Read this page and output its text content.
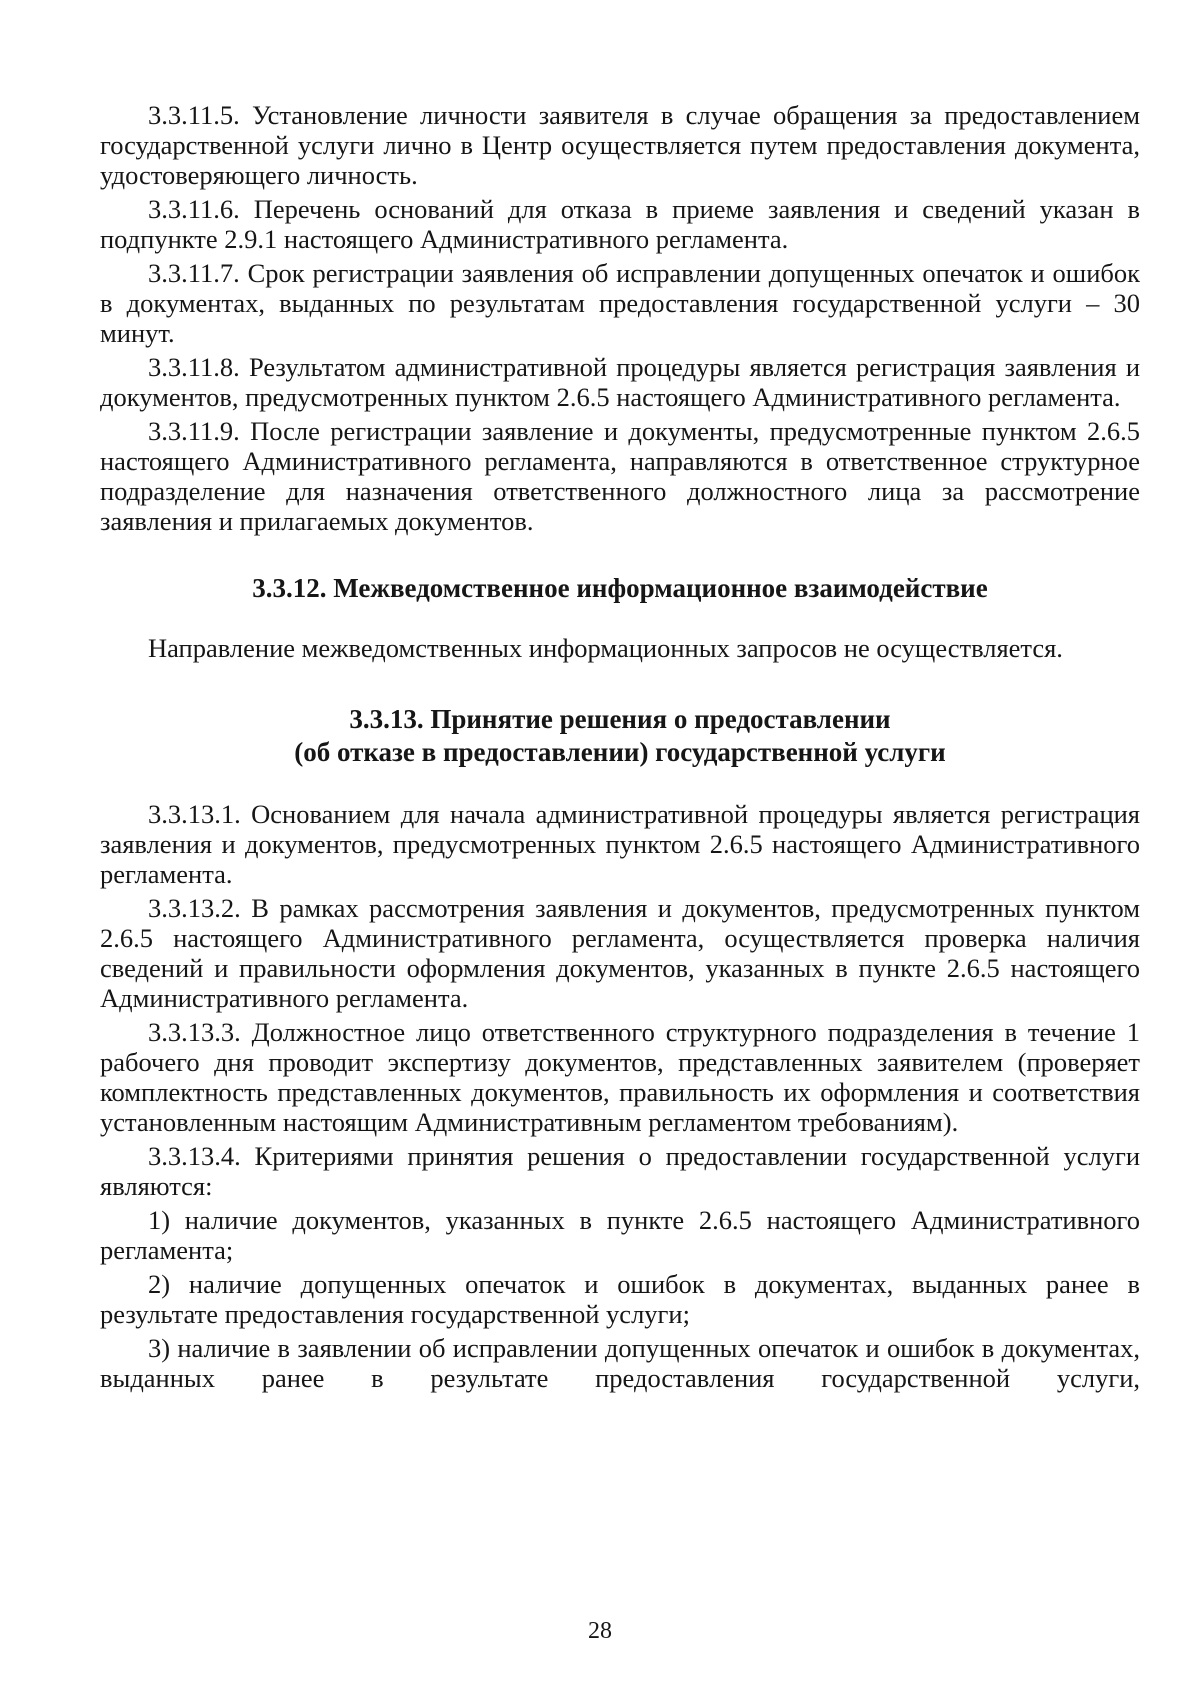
3.3.11.5. Установление личности заявителя в случае обращения за предоставлением государственной услуги лично в Центр осуществляется путем предоставления документа, удостоверяющего личность.

3.3.11.6. Перечень оснований для отказа в приеме заявления и сведений указан в подпункте 2.9.1 настоящего Административного регламента.

3.3.11.7. Срок регистрации заявления об исправлении допущенных опечаток и ошибок в документах, выданных по результатам предоставления государственной услуги – 30 минут.

3.3.11.8. Результатом административной процедуры является регистрация заявления и документов, предусмотренных пунктом 2.6.5 настоящего Административного регламента.

3.3.11.9. После регистрации заявление и документы, предусмотренные пунктом 2.6.5 настоящего Административного регламента, направляются в ответственное структурное подразделение для назначения ответственного должностного лица за рассмотрение заявления и прилагаемых документов.

3.3.12. Межведомственное информационное взаимодействие

Направление межведомственных информационных запросов не осуществляется.

3.3.13. Принятие решения о предоставлении
(об отказе в предоставлении) государственной услуги

3.3.13.1. Основанием для начала административной процедуры является регистрация заявления и документов, предусмотренных пунктом 2.6.5 настоящего Административного регламента.

3.3.13.2. В рамках рассмотрения заявления и документов, предусмотренных пунктом 2.6.5 настоящего Административного регламента, осуществляется проверка наличия сведений и правильности оформления документов, указанных в пункте 2.6.5 настоящего Административного регламента.

3.3.13.3. Должностное лицо ответственного структурного подразделения в течение 1 рабочего дня проводит экспертизу документов, представленных заявителем (проверяет комплектность представленных документов, правильность их оформления и соответствия установленным настоящим Административным регламентом требованиям).

3.3.13.4. Критериями принятия решения о предоставлении государственной услуги являются:

1) наличие документов, указанных в пункте 2.6.5 настоящего Административного регламента;

2) наличие допущенных опечаток и ошибок в документах, выданных ранее в результате предоставления государственной услуги;

3) наличие в заявлении об исправлении допущенных опечаток и ошибок в документах, выданных ранее в результате предоставления государственной услуги,

28
